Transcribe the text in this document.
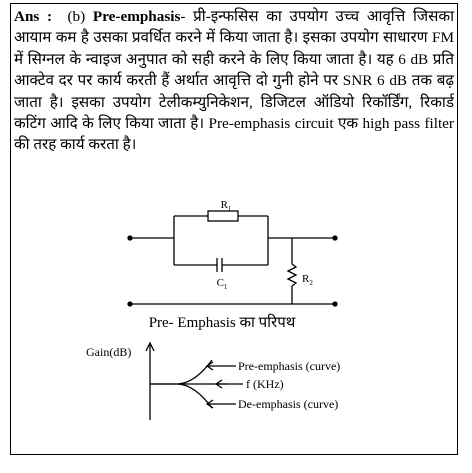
Ans : (b) Pre-emphasis- प्री-इन्फसिस का उपयोग उच्च आवृत्ति जिसका आयाम कम है उसका प्रवर्धित करने में किया जाता है। इसका उपयोग साधारण FM में सिग्नल के न्वाइज अनुपात को सही करने के लिए किया जाता है। यह 6 dB प्रति आक्टेव दर पर कार्य करती हैं अर्थात आवृत्ति दो गुनी होने पर SNR 6 dB तक बढ़ जाता है। इसका उपयोग टेलीकम्युनिकेशन, डिजिटल ऑडियो रिकॉर्डिंग, रिकार्ड कटिंग आदि के लिए किया जाता है। Pre-emphasis circuit एक high pass filter की तरह कार्य करता है।
$R_1$
$C_1$
$R_2$
Pre- Emphasis का परिपथ
Gain(dB)
Pre-emphasis (curve)
f (KHz)
De-emphasis (curve)
